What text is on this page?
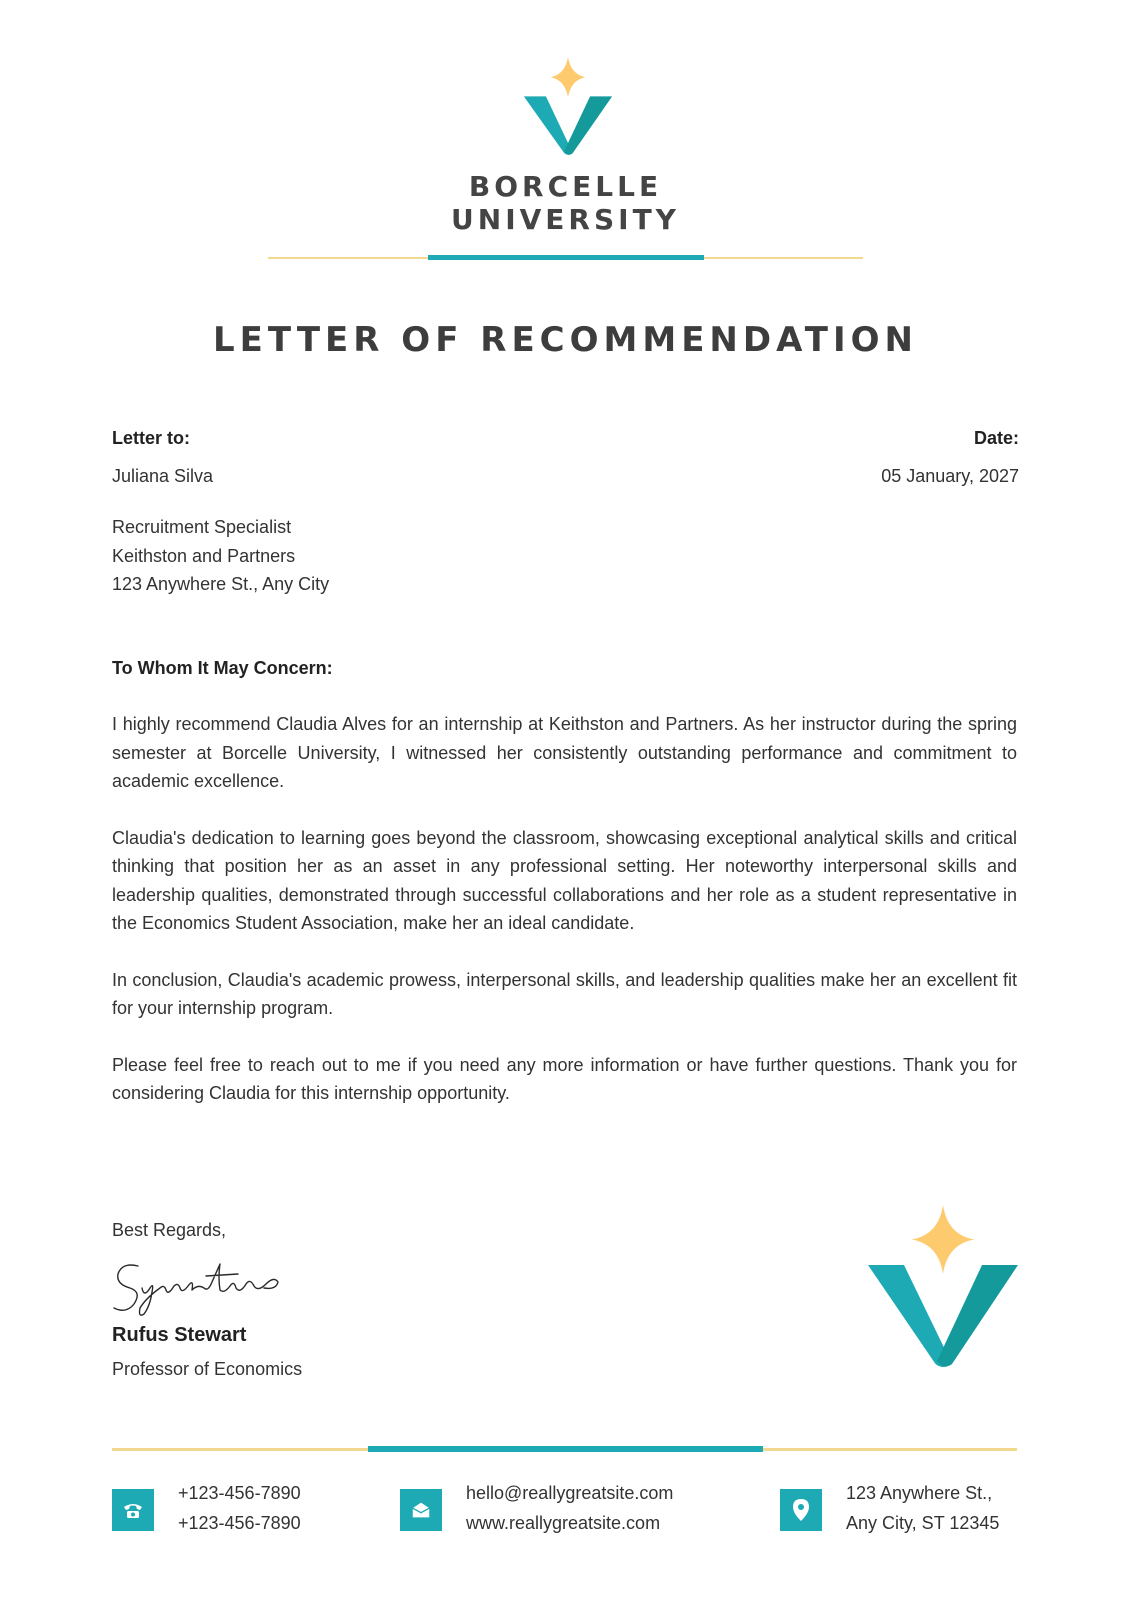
BORCELLE
UNIVERSITY
LETTER OF RECOMMENDATION
Letter to:	Date:
Juliana Silva	05 January, 2027
Recruitment Specialist
Keithston and Partners
123 Anywhere St., Any City
To Whom It May Concern:

I highly recommend Claudia Alves for an internship at Keithston and Partners. As her instructor during the spring semester at Borcelle University, I witnessed her consistently outstanding performance and commitment to academic excellence.

Claudia's dedication to learning goes beyond the classroom, showcasing exceptional analytical skills and critical thinking that position her as an asset in any professional setting. Her noteworthy interpersonal skills and leadership qualities, demonstrated through successful collaborations and her role as a student representative in the Economics Student Association, make her an ideal candidate.

In conclusion, Claudia's academic prowess, interpersonal skills, and leadership qualities make her an excellent fit for your internship program.

Please feel free to reach out to me if you need any more information or have further questions. Thank you for considering Claudia for this internship opportunity.

Best Regards,
Rufus Stewart
Professor of Economics
+123-456-7890
+123-456-7890
hello@reallygreatsite.com
www.reallygreatsite.com
123 Anywhere St.,
Any City, ST 12345
